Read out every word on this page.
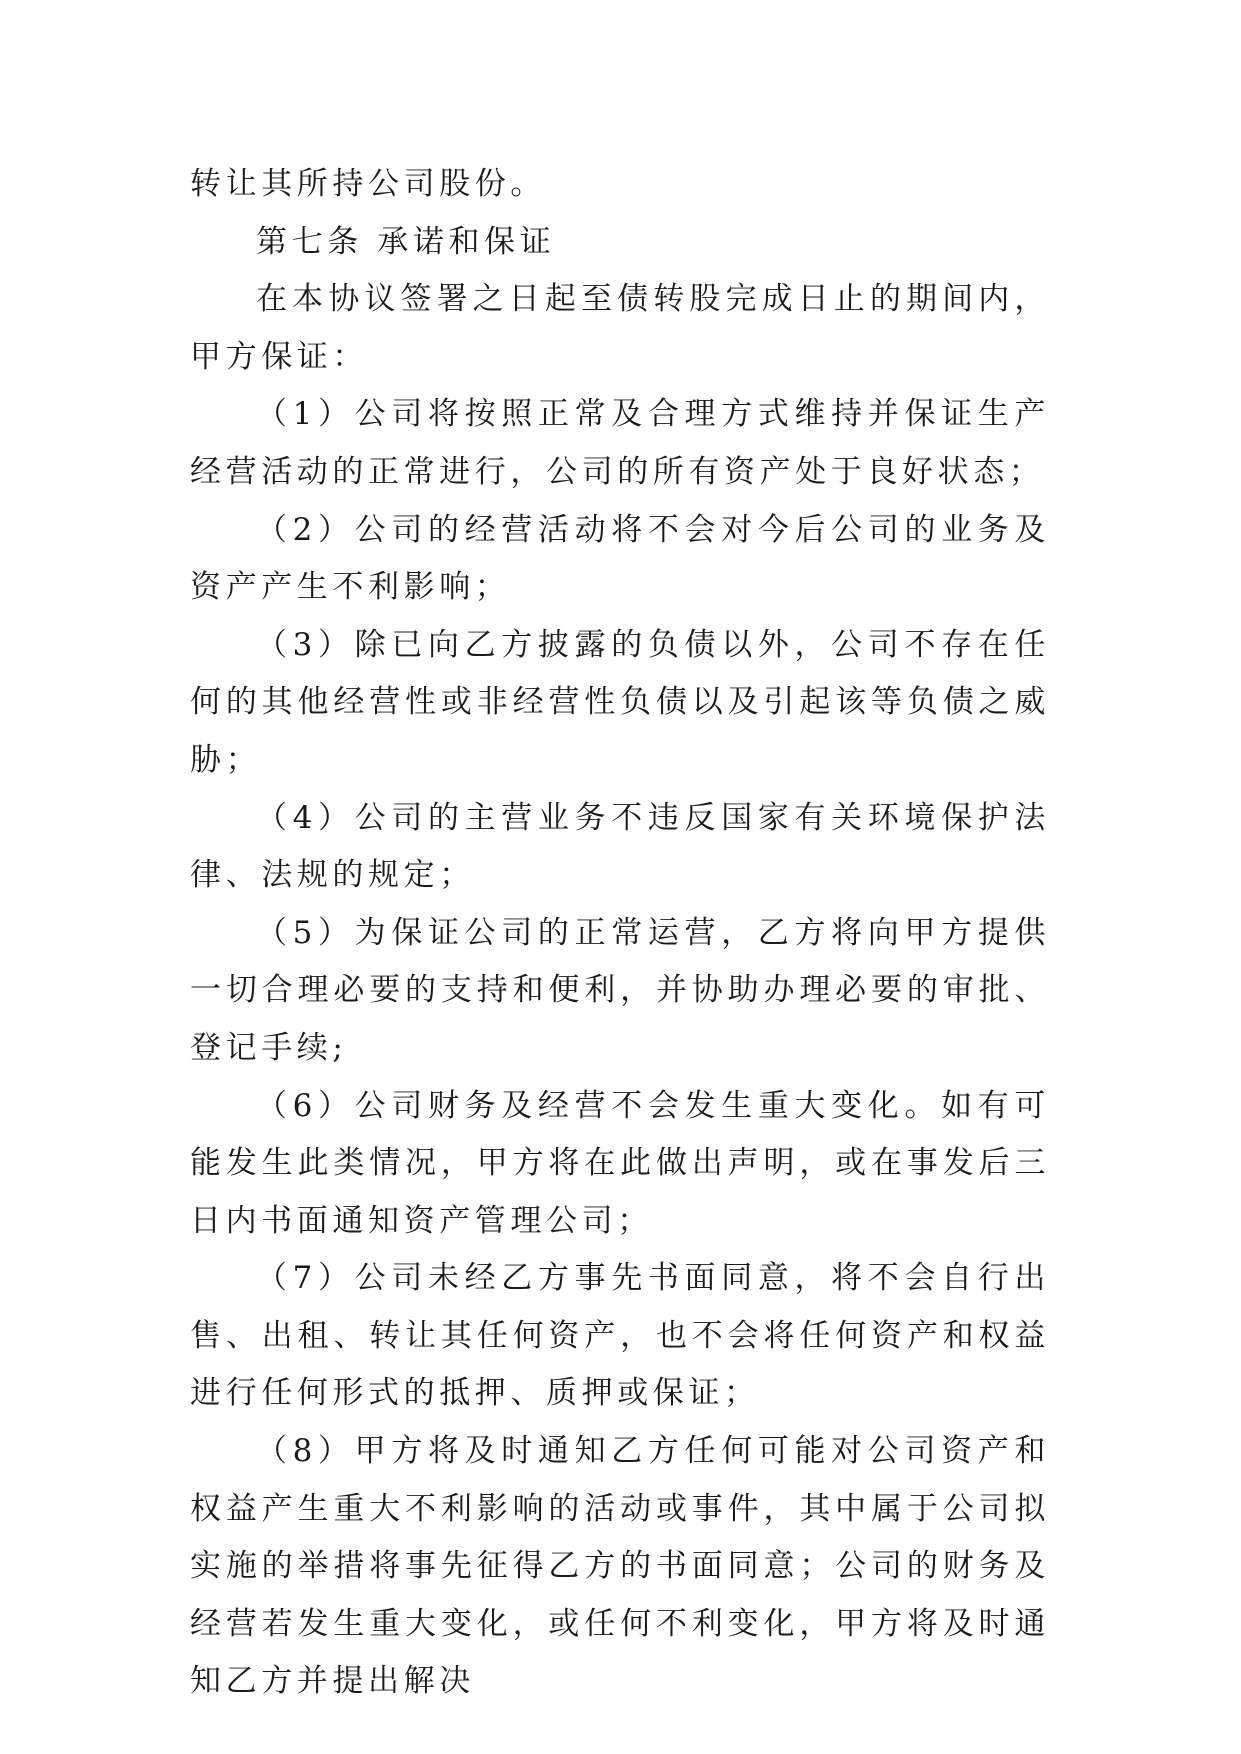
转让其所持公司股份。

第七条 承诺和保证

在本协议签署之日起至债转股完成日止的期间内，甲方保证：

（1）公司将按照正常及合理方式维持并保证生产经营活动的正常进行，公司的所有资产处于良好状态；

（2）公司的经营活动将不会对今后公司的业务及资产产生不利影响；

（3）除已向乙方披露的负债以外，公司不存在任何的其他经营性或非经营性负债以及引起该等负债之威胁；

（4）公司的主营业务不违反国家有关环境保护法律、法规的规定；

（5）为保证公司的正常运营，乙方将向甲方提供一切合理必要的支持和便利，并协助办理必要的审批、登记手续;

（6）公司财务及经营不会发生重大变化。如有可能发生此类情况，甲方将在此做出声明，或在事发后三日内书面通知资产管理公司；

（7）公司未经乙方事先书面同意，将不会自行出售、出租、转让其任何资产，也不会将任何资产和权益进行任何形式的抵押、质押或保证；

（8）甲方将及时通知乙方任何可能对公司资产和权益产生重大不利影响的活动或事件，其中属于公司拟实施的举措将事先征得乙方的书面同意；公司的财务及经营若发生重大变化，或任何不利变化，甲方将及时通知乙方并提出解决
